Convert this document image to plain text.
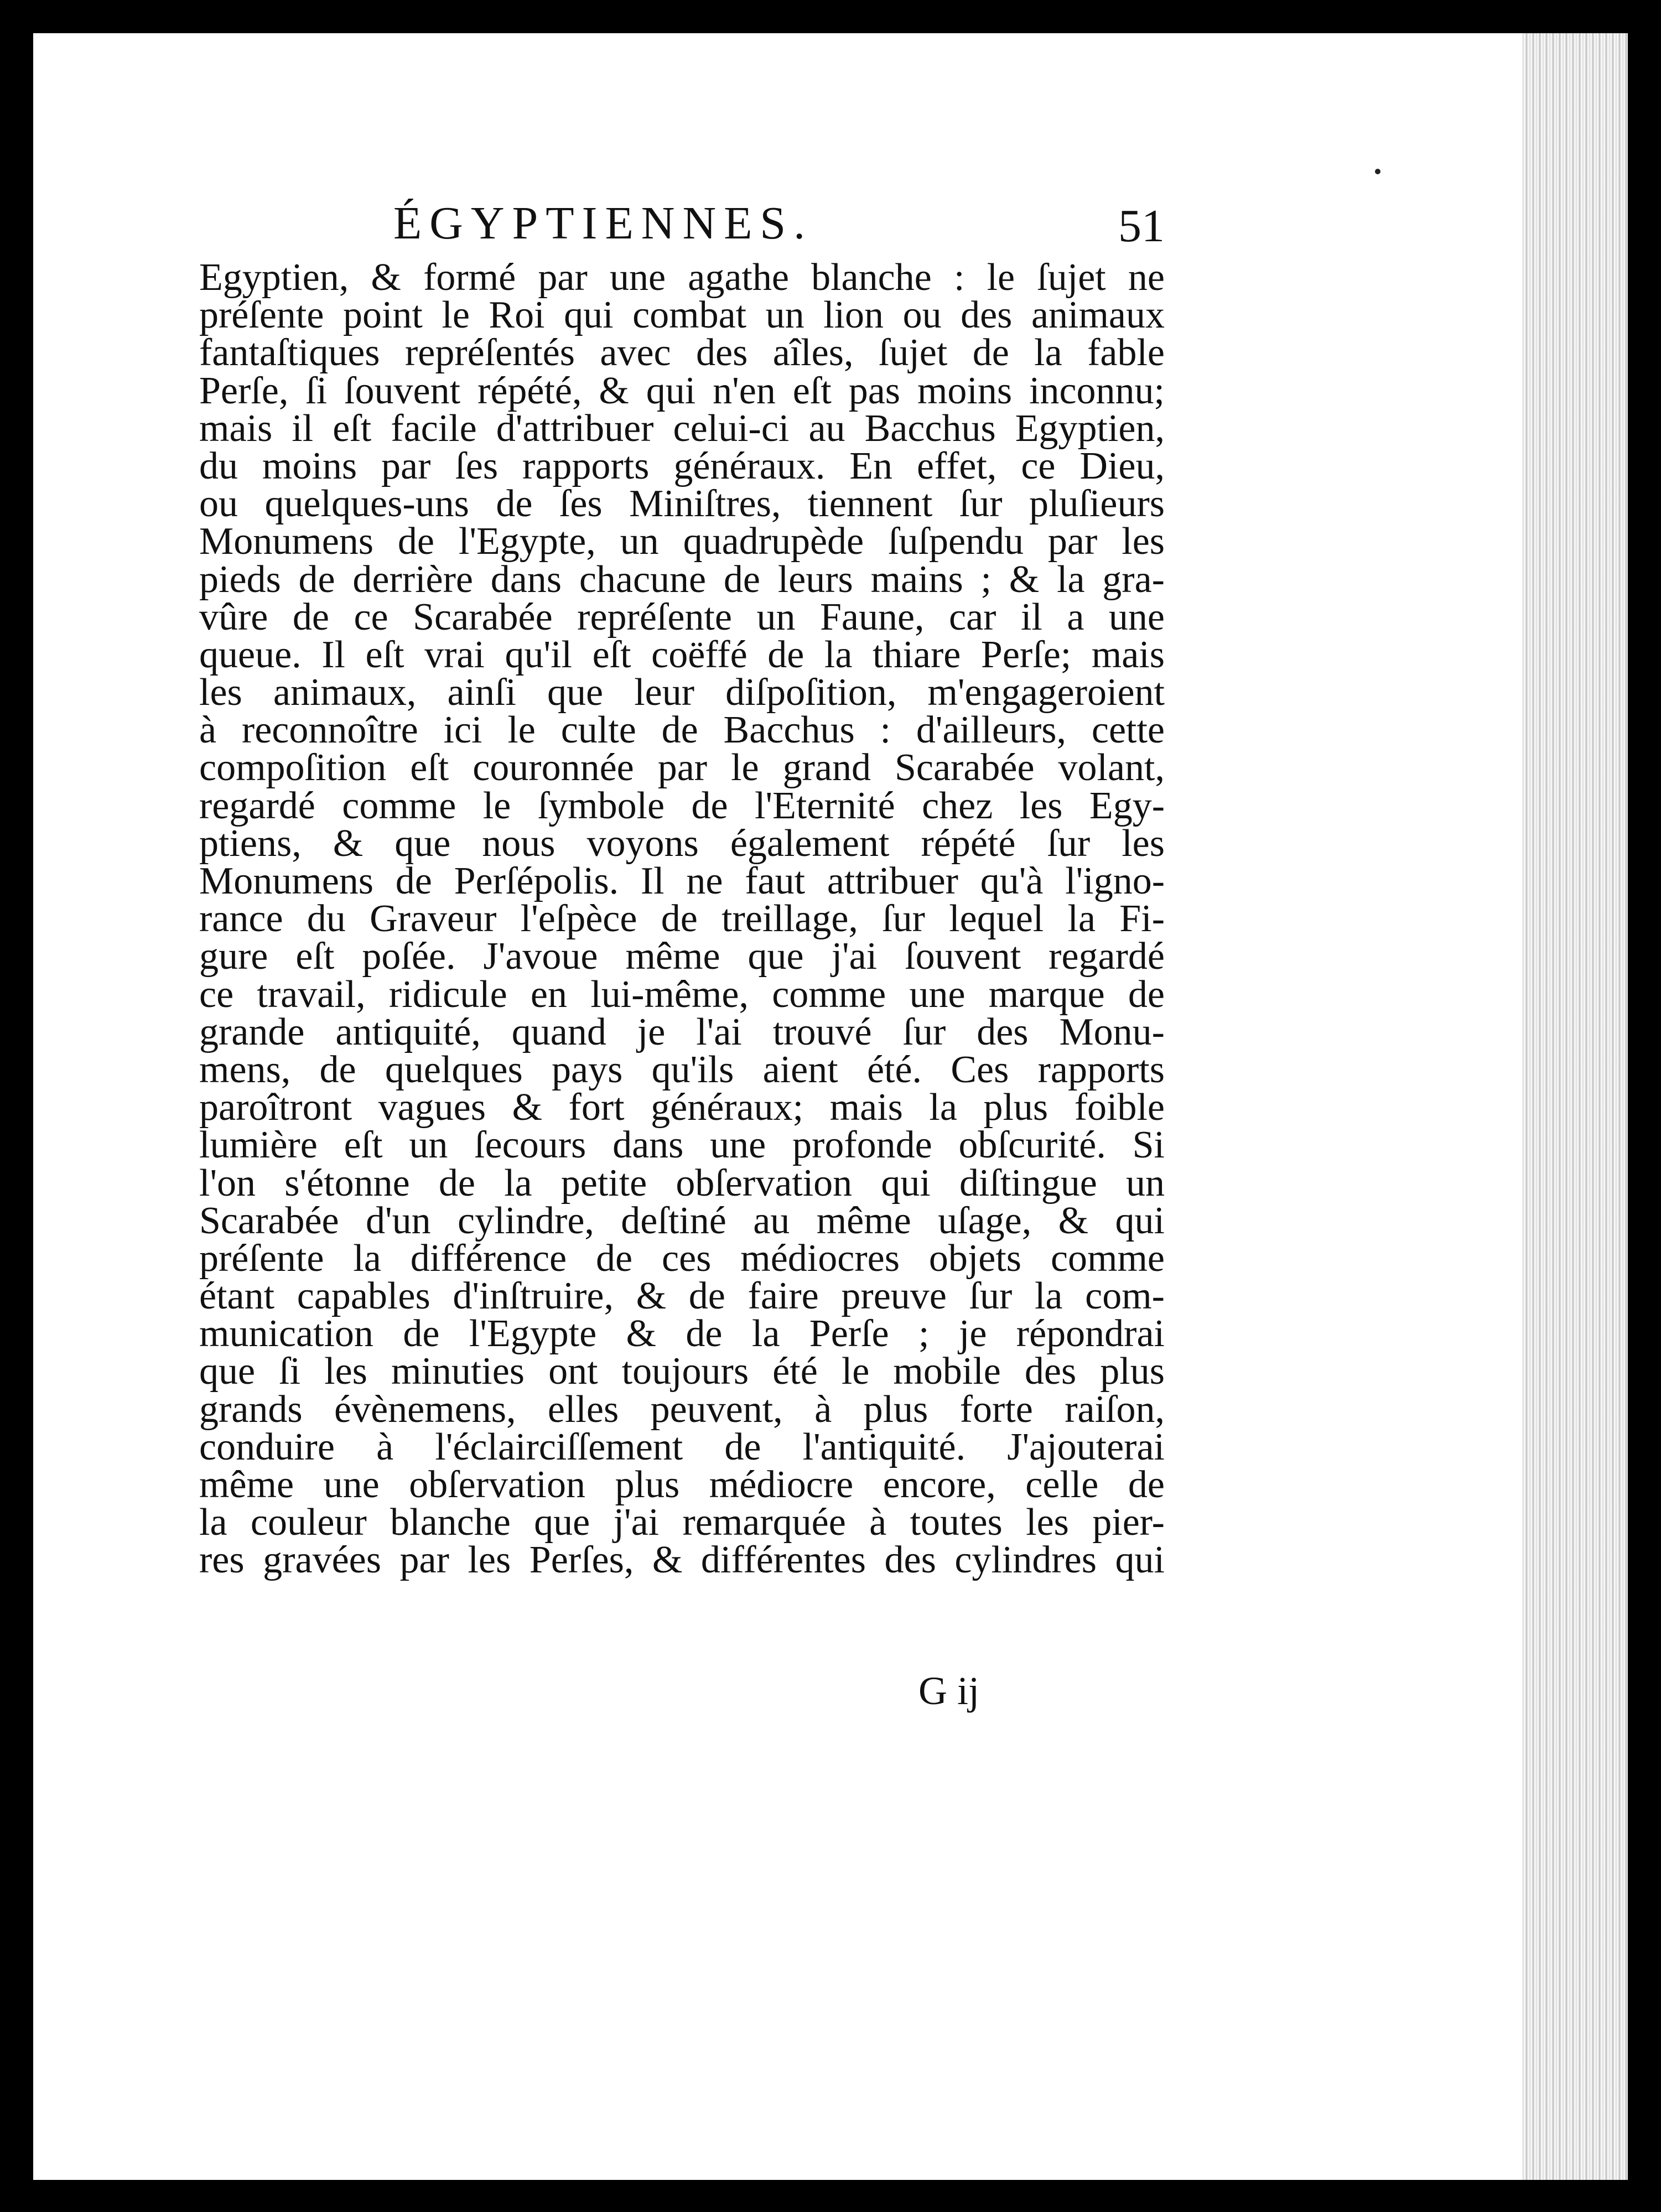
ÉGYPTIENNES.	51
Egyptien, & formé par une agathe blanche : le ſujet ne
préſente point le Roi qui combat un lion ou des animaux
fantaſtiques repréſentés avec des aîles, ſujet de la fable
Perſe, ſi ſouvent répété, & qui n'en eſt pas moins inconnu;
mais il eſt facile d'attribuer celui-ci au Bacchus Egyptien,
du moins par ſes rapports généraux. En effet, ce Dieu,
ou quelques-uns de ſes Miniſtres, tiennent ſur pluſieurs
Monumens de l'Egypte, un quadrupède ſuſpendu par les
pieds de derrière dans chacune de leurs mains ; & la gra-
vûre de ce Scarabée repréſente un Faune, car il a une
queue. Il eſt vrai qu'il eſt coëffé de la thiare Perſe; mais
les animaux, ainſi que leur diſpoſition, m'engageroient
à reconnoître ici le culte de Bacchus : d'ailleurs, cette
compoſition eſt couronnée par le grand Scarabée volant,
regardé comme le ſymbole de l'Eternité chez les Egy-
ptiens, & que nous voyons également répété ſur les
Monumens de Perſépolis. Il ne faut attribuer qu'à l'igno-
rance du Graveur l'eſpèce de treillage, ſur lequel la Fi-
gure eſt poſée. J'avoue même que j'ai ſouvent regardé
ce travail, ridicule en lui-même, comme une marque de
grande antiquité, quand je l'ai trouvé ſur des Monu-
mens, de quelques pays qu'ils aient été. Ces rapports
paroîtront vagues & fort généraux; mais la plus foible
lumière eſt un ſecours dans une profonde obſcurité. Si
l'on s'étonne de la petite obſervation qui diſtingue un
Scarabée d'un cylindre, deſtiné au même uſage, & qui
préſente la différence de ces médiocres objets comme
étant capables d'inſtruire, & de faire preuve ſur la com-
munication de l'Egypte & de la Perſe ; je répondrai
que ſi les minuties ont toujours été le mobile des plus
grands évènemens, elles peuvent, à plus forte raiſon,
conduire à l'éclairciſſement de l'antiquité. J'ajouterai
même une obſervation plus médiocre encore, celle de
la couleur blanche que j'ai remarquée à toutes les pier-
res gravées par les Perſes, & différentes des cylindres qui
G ij
